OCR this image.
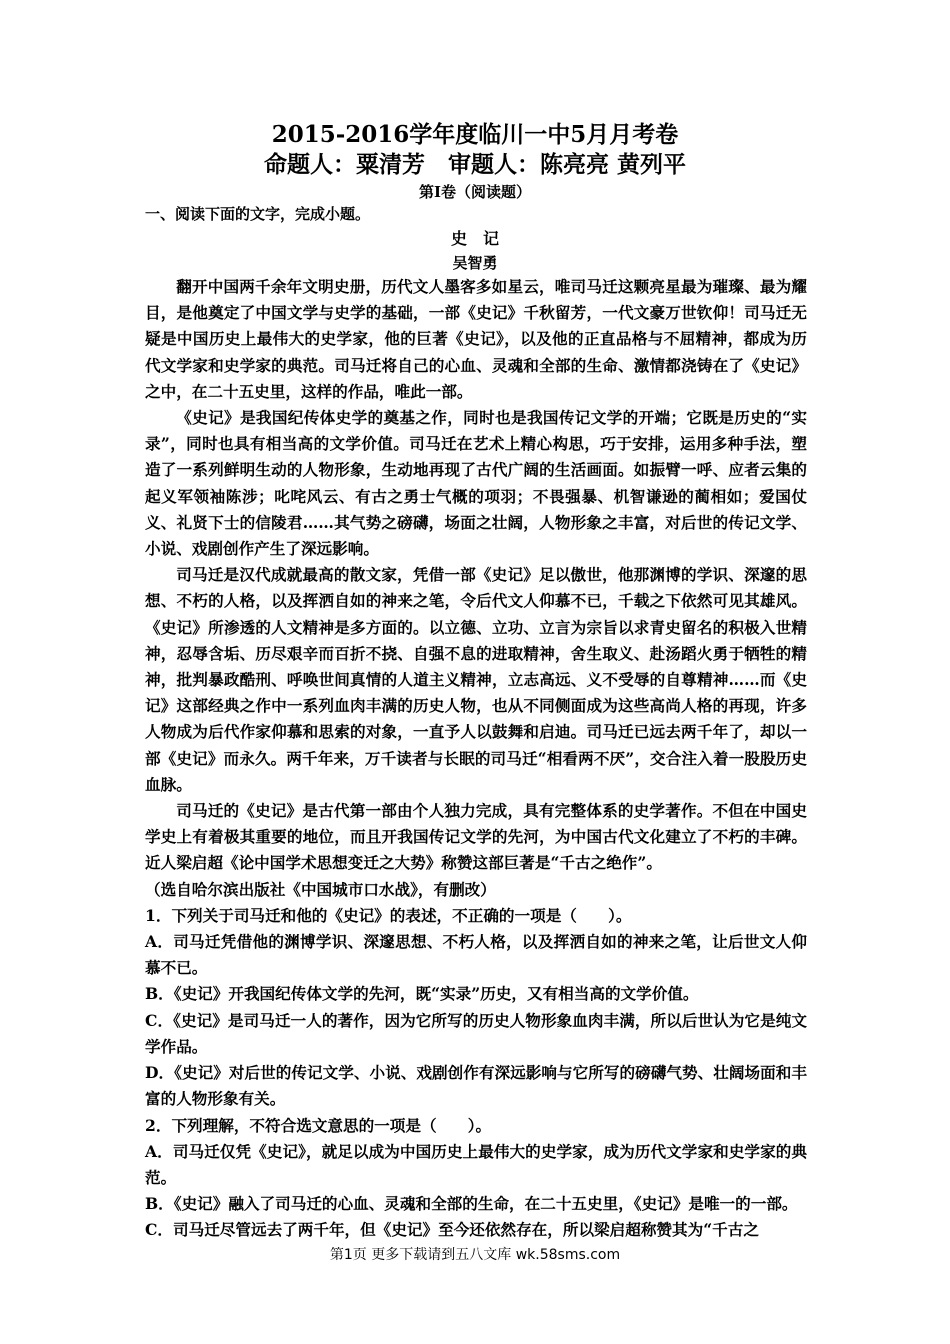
2015-2016学年度临川一中5月月考卷
命题人：粟清芳　审题人：陈亮亮 黄列平
第I卷（阅读题）
一、阅读下面的文字，完成小题。
史　记
吴智勇

翻开中国两千余年文明史册，历代文人墨客多如星云，唯司马迁这颗亮星最为璀璨、最为耀目，是他奠定了中国文学与史学的基础，一部《史记》千秋留芳，一代文豪万世钦仰！司马迁无疑是中国历史上最伟大的史学家，他的巨著《史记》，以及他的正直品格与不屈精神，都成为历代文学家和史学家的典范。司马迁将自己的心血、灵魂和全部的生命、激情都浇铸在了《史记》之中，在二十五史里，这样的作品，唯此一部。

《史记》是我国纪传体史学的奠基之作，同时也是我国传记文学的开端；它既是历史的“实录”，同时也具有相当高的文学价值。司马迁在艺术上精心构思，巧于安排，运用多种手法，塑造了一系列鲜明生动的人物形象，生动地再现了古代广阔的生活画面。如振臂一呼、应者云集的起义军领袖陈涉；叱咤风云、有古之勇士气概的项羽；不畏强暴、机智谦逊的蔺相如；爱国仗义、礼贤下士的信陵君……其气势之磅礴，场面之壮阔，人物形象之丰富，对后世的传记文学、小说、戏剧创作产生了深远影响。

司马迁是汉代成就最高的散文家，凭借一部《史记》足以傲世，他那渊博的学识、深邃的思想、不朽的人格，以及挥洒自如的神来之笔，令后代文人仰慕不已，千载之下依然可见其雄风。《史记》所渗透的人文精神是多方面的。以立德、立功、立言为宗旨以求青史留名的积极入世精神，忍辱含垢、历尽艰辛而百折不挠、自强不息的进取精神，舍生取义、赴汤蹈火勇于牺牲的精神，批判暴政酷刑、呼唤世间真情的人道主义精神，立志高远、义不受辱的自尊精神……而《史记》这部经典之作中一系列血肉丰满的历史人物，也从不同侧面成为这些高尚人格的再现，许多人物成为后代作家仰慕和思索的对象，一直予人以鼓舞和启迪。司马迁已远去两千年了，却以一部《史记》而永久。两千年来，万千读者与长眠的司马迁“相看两不厌”，交合注入着一股股历史血脉。

司马迁的《史记》是古代第一部由个人独力完成，具有完整体系的史学著作。不但在中国史学史上有着极其重要的地位，而且开我国传记文学的先河，为中国古代文化建立了不朽的丰碑。近人梁启超《论中国学术思想变迁之大势》称赞这部巨著是“千古之绝作”。

（选自哈尔滨出版社《中国城市口水战》，有删改）

1．下列关于司马迁和他的《史记》的表述，不正确的一项是（　　）。

A．司马迁凭借他的渊博学识、深邃思想、不朽人格，以及挥洒自如的神来之笔，让后世文人仰慕不已。

B．《史记》开我国纪传体文学的先河，既“实录”历史，又有相当高的文学价值。

C．《史记》是司马迁一人的著作，因为它所写的历史人物形象血肉丰满，所以后世认为它是纯文学作品。

D．《史记》对后世的传记文学、小说、戏剧创作有深远影响与它所写的磅礴气势、壮阔场面和丰富的人物形象有关。

2．下列理解，不符合选文意思的一项是（　　）。

A．司马迁仅凭《史记》，就足以成为中国历史上最伟大的史学家，成为历代文学家和史学家的典范。

B．《史记》融入了司马迁的心血、灵魂和全部的生命，在二十五史里，《史记》是唯一的一部。

C．司马迁尽管远去了两千年，但《史记》至今还依然存在，所以梁启超称赞其为“千古之

第1页 更多下载请到五八文库 wk.58sms.com
